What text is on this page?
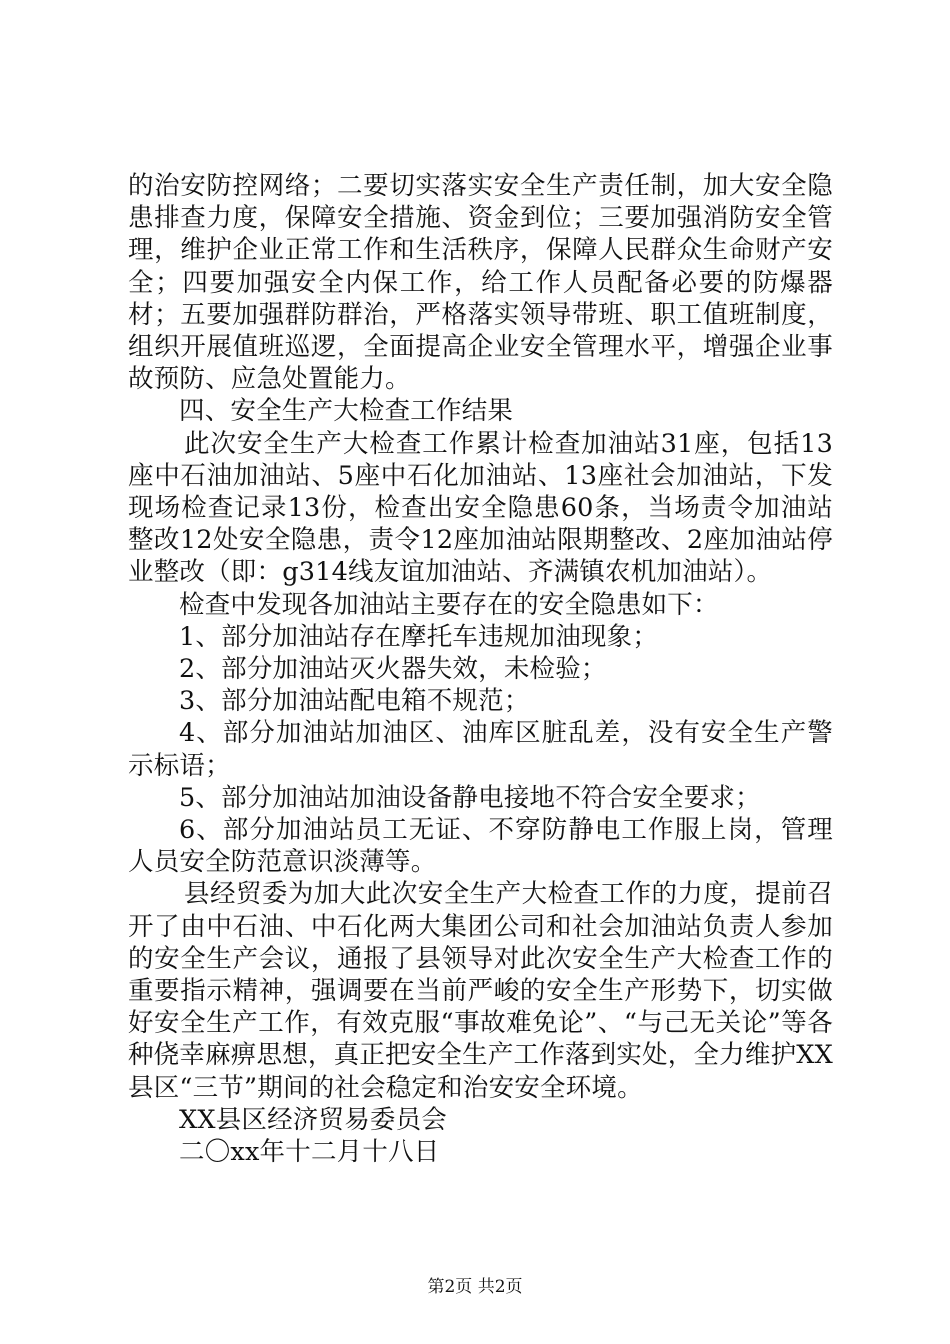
的治安防控网络；二要切实落实安全生产责任制，加大安全隐患排查力度，保障安全措施、资金到位；三要加强消防安全管理，维护企业正常工作和生活秩序，保障人民群众生命财产安全；四要加强安全内保工作，给工作人员配备必要的防爆器材；五要加强群防群治，严格落实领导带班、职工值班制度，组织开展值班巡逻，全面提高企业安全管理水平，增强企业事故预防、应急处置能力。

四、安全生产大检查工作结果

此次安全生产大检查工作累计检查加油站31座，包括13座中石油加油站、5座中石化加油站、13座社会加油站，下发现场检查记录13份，检查出安全隐患60条，当场责令加油站整改12处安全隐患，责令12座加油站限期整改、2座加油站停业整改（即：g314线友谊加油站、齐满镇农机加油站）。

检查中发现各加油站主要存在的安全隐患如下：

1、部分加油站存在摩托车违规加油现象；

2、部分加油站灭火器失效，未检验；

3、部分加油站配电箱不规范；

4、部分加油站加油区、油库区脏乱差，没有安全生产警示标语；

5、部分加油站加油设备静电接地不符合安全要求；

6、部分加油站员工无证、不穿防静电工作服上岗，管理人员安全防范意识淡薄等。

县经贸委为加大此次安全生产大检查工作的力度，提前召开了由中石油、中石化两大集团公司和社会加油站负责人参加的安全生产会议，通报了县领导对此次安全生产大检查工作的重要指示精神，强调要在当前严峻的安全生产形势下，切实做好安全生产工作，有效克服“事故难免论”、“与己无关论”等各种侥幸麻痹思想，真正把安全生产工作落到实处，全力维护XX县区“三节”期间的社会稳定和治安安全环境。

XX县区经济贸易委员会

二〇xx年十二月十八日

第2页 共2页
